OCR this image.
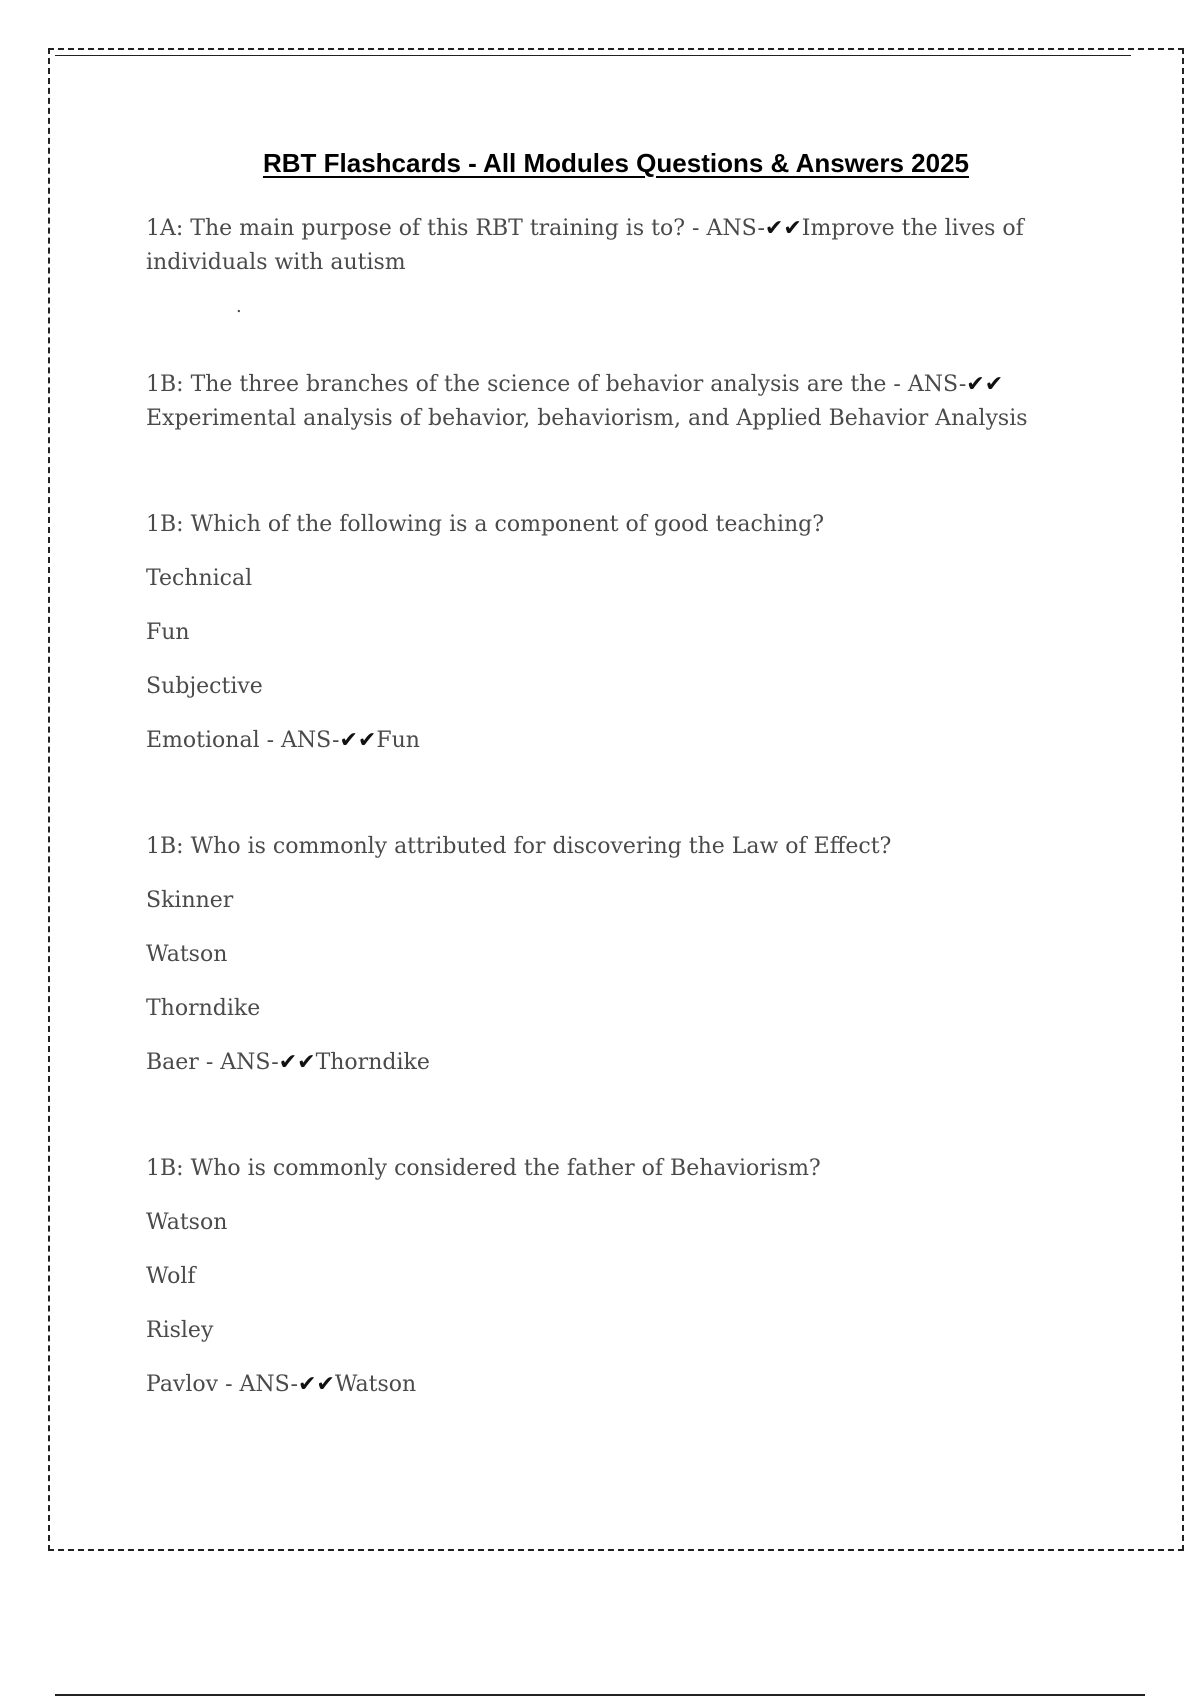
RBT Flashcards - All Modules Questions & Answers 2025

1A: The main purpose of this RBT training is to? - ANS-✔✔Improve the lives of individuals with autism

.

1B: The three branches of the science of behavior analysis are the - ANS-✔✔
Experimental analysis of behavior, behaviorism, and Applied Behavior Analysis

1B: Which of the following is a component of good teaching?

Technical

Fun

Subjective

Emotional - ANS-✔✔Fun

1B: Who is commonly attributed for discovering the Law of Effect?

Skinner

Watson

Thorndike

Baer - ANS-✔✔Thorndike

1B: Who is commonly considered the father of Behaviorism?

Watson

Wolf

Risley

Pavlov - ANS-✔✔Watson
